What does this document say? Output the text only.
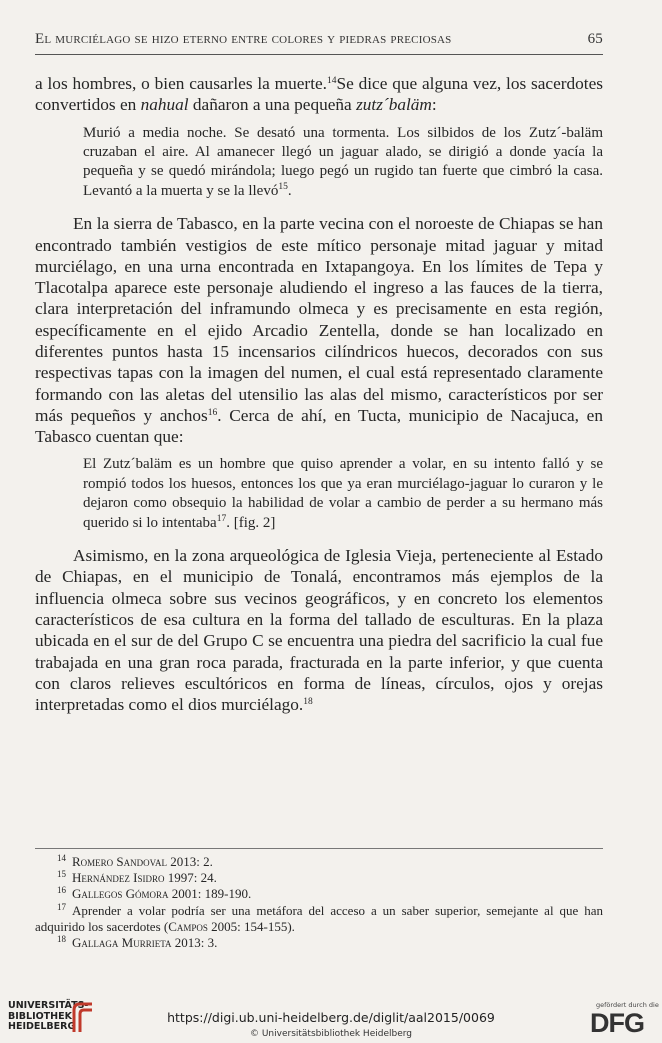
El murciélago se hizo eterno entre colores y piedras preciosas	65

a los hombres, o bien causarles la muerte.$^{14}$Se dice que alguna vez, los sacerdotes convertidos en nahual dañaron a una pequeña zutz´baläm:

Murió a media noche. Se desató una tormenta. Los silbidos de los Zutz´-baläm cruzaban el aire. Al amanecer llegó un jaguar alado, se dirigió a donde yacía la pequeña y se quedó mirándola; luego pegó un rugido tan fuerte que cimbró la casa. Levantó a la muerta y se la llevó$^{15}$.

En la sierra de Tabasco, en la parte vecina con el noroeste de Chiapas se han encontrado también vestigios de este mítico personaje mitad jaguar y mitad murciélago, en una urna encontrada en Ixtapangoya. En los límites de Tepa y Tlacotalpa aparece este personaje aludiendo el ingreso a las fauces de la tierra, clara interpretación del inframundo olmeca y es precisamente en esta región, específicamente en el ejido Arcadio Zentella, donde se han localizado en diferentes puntos hasta 15 incensarios cilíndricos huecos, decorados con sus respectivas tapas con la imagen del numen, el cual está representado claramente formando con las aletas del utensilio las alas del mismo, característicos por ser más pequeños y anchos$^{16}$. Cerca de ahí, en Tucta, municipio de Nacajuca, en Tabasco cuentan que:

El Zutz´baläm es un hombre que quiso aprender a volar, en su intento falló y se rompió todos los huesos, entonces los que ya eran murciélago-jaguar lo curaron y le dejaron como obsequio la habilidad de volar a cambio de perder a su hermano más querido si lo intentaba$^{17}$. [fig. 2]

Asimismo, en la zona arqueológica de Iglesia Vieja, perteneciente al Estado de Chiapas, en el municipio de Tonalá, encontramos más ejemplos de la influencia olmeca sobre sus vecinos geográficos, y en concreto los elementos característicos de esa cultura en la forma del tallado de esculturas. En la plaza ubicada en el sur de del Grupo C se encuentra una piedra del sacrificio la cual fue trabajada en una gran roca parada, fracturada en la parte inferior, y que cuenta con claros relieves escultóricos en forma de líneas, círculos, ojos y orejas interpretadas como el dios murciélago.$^{18}$

$^{14}$ Romero Sandoval 2013: 2.
$^{15}$ Hernández Isidro 1997: 24.
$^{16}$ Gallegos Gómora 2001: 189-190.
$^{17}$ Aprender a volar podría ser una metáfora del acceso a un saber superior, semejante al que han adquirido los sacerdotes (Campos 2005: 154-155).
$^{18}$ Gallaga Murrieta 2013: 3.
UNIVERSITÄTS-
BIBLIOTHEK
HEIDELBERG
https://digi.ub.uni-heidelberg.de/diglit/aal2015/0069
© Universitätsbibliothek Heidelberg
gefördert durch die
DFG
